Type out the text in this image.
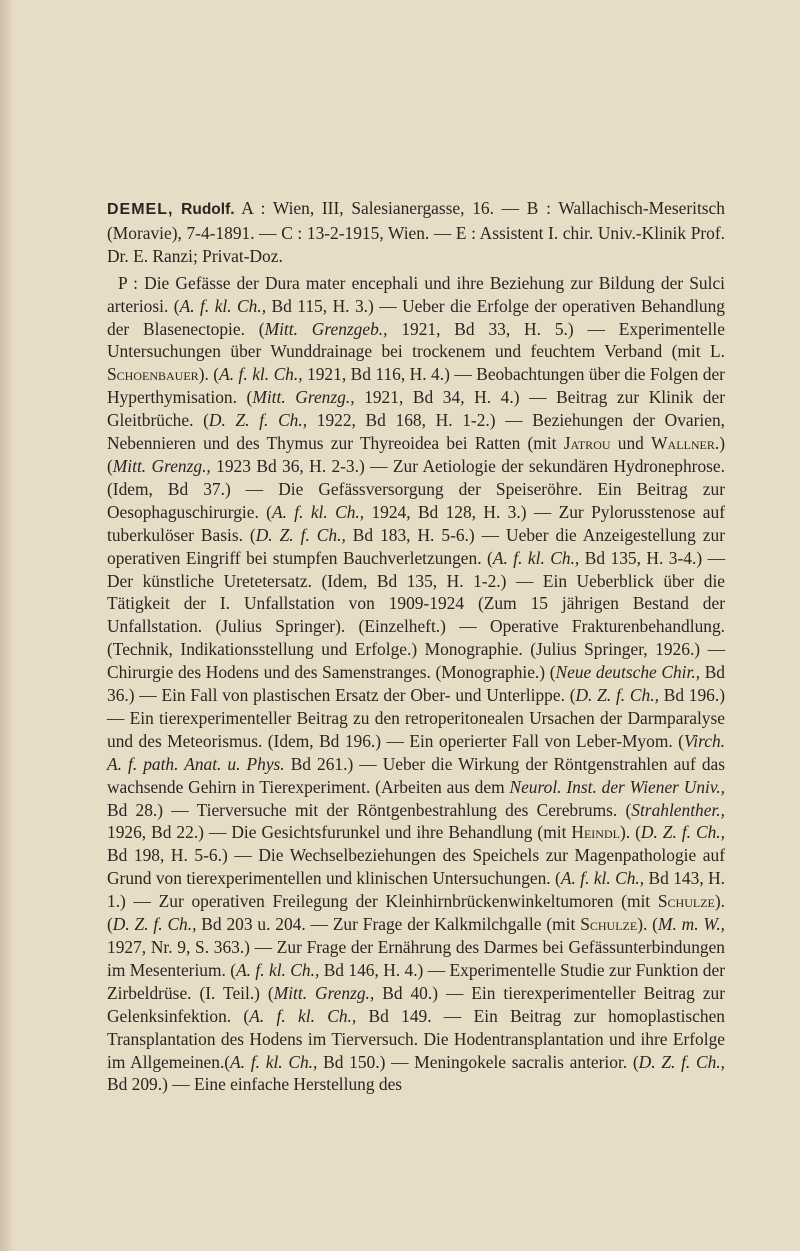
DEMEL, Rudolf. A : Wien, III, Salesianergasse, 16. — B : Wallachisch-Meseritsch (Moravie), 7-4-1891. — C : 13-2-1915, Wien. — E : Assistent I. chir. Univ.-Klinik Prof. Dr. E. Ranzi; Privat-Doz.

P : Die Gefässe der Dura mater encephali und ihre Beziehung zur Bildung der Sulci arteriosi. (A. f. kl. Ch., Bd 115, H. 3.) — Ueber die Erfolge der operativen Behandlung der Blasenectopie. (Mitt. Grenzgeb., 1921, Bd 33, H. 5.) — Experimentelle Untersuchungen über Wunddrainage bei trockenem und feuchtem Verband (mit L. Schoenbauer). (A. f. kl. Ch., 1921, Bd 116, H. 4.) — Beobachtungen über die Folgen der Hyperthymisation. (Mitt. Grenzg., 1921, Bd 34, H. 4.) — Beitrag zur Klinik der Gleitbrüche. (D. Z. f. Ch., 1922, Bd 168, H. 1-2.) — Beziehungen der Ovarien, Nebennieren und des Thymus zur Thyreoidea bei Ratten (mit Jatrou und Wallner.) (Mitt. Grenzg., 1923 Bd 36, H. 2-3.) — Zur Aetiologie der sekundären Hydronephrose. (Idem, Bd 37.) — Die Gefässversorgung der Speiseröhre. Ein Beitrag zur Oesophaguschirurgie. (A. f. kl. Ch., 1924, Bd 128, H. 3.) — Zur Pylorusstenose auf tuberkulöser Basis. (D. Z. f. Ch., Bd 183, H. 5-6.) — Ueber die Anzeigestellung zur operativen Eingriff bei stumpfen Bauchverletzungen. (A. f. kl. Ch., Bd 135, H. 3-4.) — Der künstliche Uretetersatz. (Idem, Bd 135, H. 1-2.) — Ein Ueberblick über die Tätigkeit der I. Unfallstation von 1909-1924 (Zum 15 jährigen Bestand der Unfallstation. (Julius Springer). (Einzelheft.) — Operative Frakturenbehandlung. (Technik, Indikationsstellung und Erfolge.) Monographie. (Julius Springer, 1926.) — Chirurgie des Hodens und des Samenstranges. (Monographie.) (Neue deutsche Chir., Bd 36.) — Ein Fall von plastischen Ersatz der Ober- und Unterlippe. (D. Z. f. Ch., Bd 196.) — Ein tierexperimenteller Beitrag zu den retroperitonealen Ursachen der Darmparalyse und des Meteorismus. (Idem, Bd 196.) — Ein operierter Fall von Leber-Myom. (Virch. A. f. path. Anat. u. Phys. Bd 261.) — Ueber die Wirkung der Röntgenstrahlen auf das wachsende Gehirn in Tierexperiment. (Arbeiten aus dem Neurol. Inst. der Wiener Univ., Bd 28.) — Tierversuche mit der Röntgenbestrahlung des Cerebrums. (Strahlenther., 1926, Bd 22.) — Die Gesichtsfurunkel und ihre Behandlung (mit Heindl). (D. Z. f. Ch., Bd 198, H. 5-6.) — Die Wechselbeziehungen des Speichels zur Magenpathologie auf Grund von tierexperimentellen und klinischen Untersuchungen. (A. f. kl. Ch., Bd 143, H. 1.) — Zur operativen Freilegung der Kleinhirnbrückenwinkeltumoren (mit Schulze). (D. Z. f. Ch., Bd 203 u. 204. — Zur Frage der Kalkmilchgalle (mit Schulze). (M. m. W., 1927, Nr. 9, S. 363.) — Zur Frage der Ernährung des Darmes bei Gefässunterbindungen im Mesenterium. (A. f. kl. Ch., Bd 146, H. 4.) — Experimentelle Studie zur Funktion der Zirbeldrüse. (I. Teil.) (Mitt. Grenzg., Bd 40.) — Ein tierexperimenteller Beitrag zur Gelenksinfektion. (A. f. kl. Ch., Bd 149. — Ein Beitrag zur homoplastischen Transplantation des Hodens im Tierversuch. Die Hodentransplantation und ihre Erfolge im Allgemeinen.(A. f. kl. Ch., Bd 150.) — Meningokele sacralis anterior. (D. Z. f. Ch., Bd 209.) — Eine einfache Herstellung des
